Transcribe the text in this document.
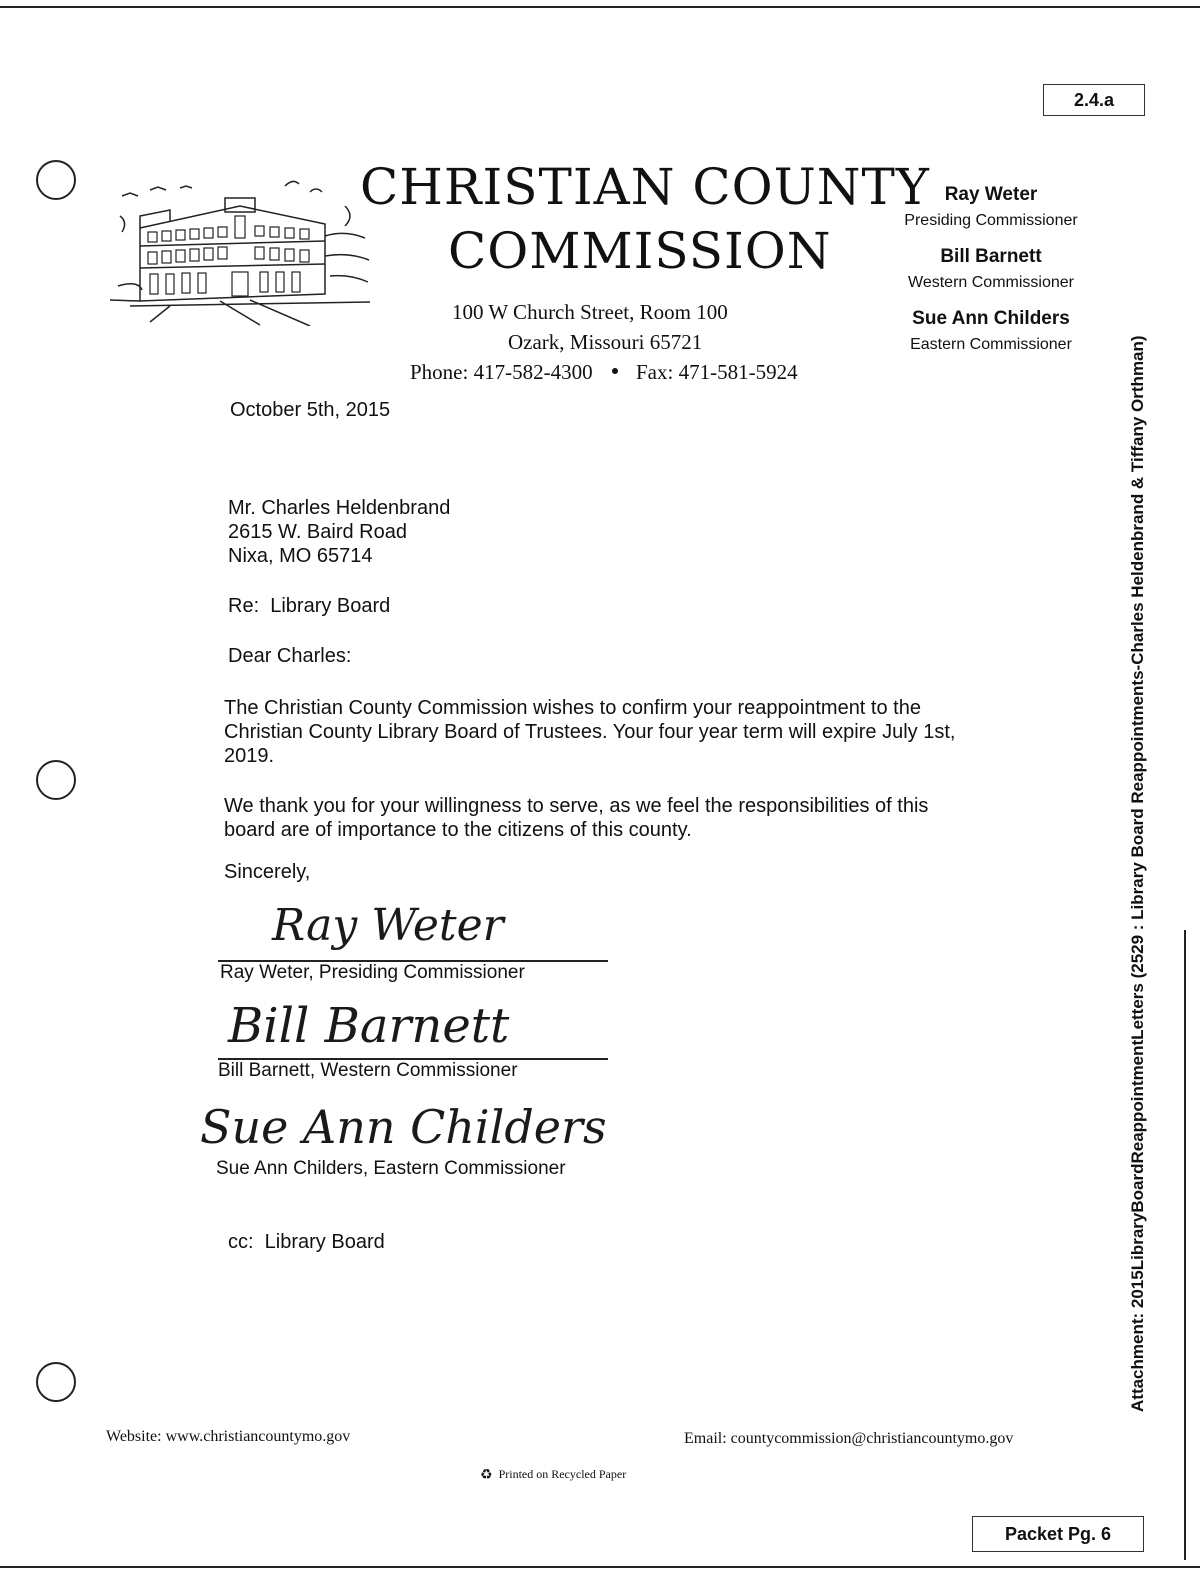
2.4.a
CHRISTIAN COUNTY
COMMISSION
100 W Church Street, Room 100
Ozark, Missouri 65721
Phone: 417-582-4300 Fax: 471-581-5924
Ray Weter
Presiding Commissioner
Bill Barnett
Western Commissioner
Sue Ann Childers
Eastern Commissioner
October 5th, 2015
Mr. Charles Heldenbrand
2615 W. Baird Road
Nixa, MO 65714
Re:  Library Board
Dear Charles:
The Christian County Commission wishes to confirm your reappointment to the Christian County Library Board of Trustees. Your four year term will expire July 1st, 2019.
We thank you for your willingness to serve, as we feel the responsibilities of this board are of importance to the citizens of this county.
Sincerely,
Ray Weter
Ray Weter, Presiding Commissioner
Bill Barnett
Bill Barnett, Western Commissioner
Sue Ann Childers
Sue Ann Childers, Eastern Commissioner
cc:  Library Board
Website: www.christiancountymo.gov	Email: countycommission@christiancountymo.gov
♻ Printed on Recycled Paper
Packet Pg. 6
Attachment: 2015LibraryBoardReappointmentLetters (2529 : Library Board Reappointments-Charles Heldenbrand & Tiffany Orthman)
